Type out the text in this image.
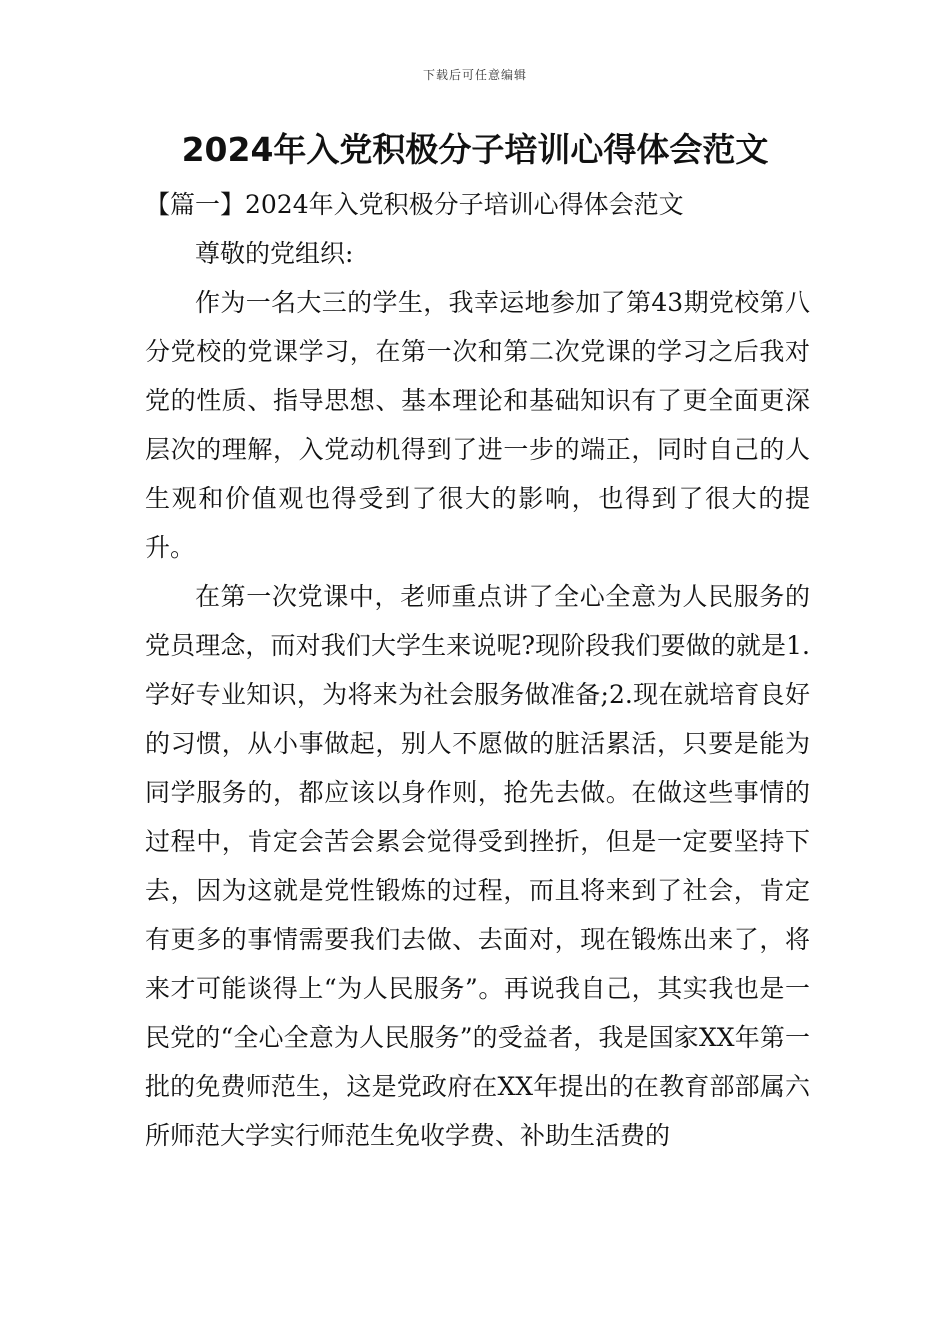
下载后可任意编辑
2024年入党积极分子培训心得体会范文

【篇一】2024年入党积极分子培训心得体会范文

尊敬的党组织:

作为一名大三的学生，我幸运地参加了第43期党校第八分党校的党课学习，在第一次和第二次党课的学习之后我对党的性质、指导思想、基本理论和基础知识有了更全面更深层次的理解，入党动机得到了进一步的端正，同时自己的人生观和价值观也得受到了很大的影响，也得到了很大的提升。

在第一次党课中，老师重点讲了全心全意为人民服务的党员理念，而对我们大学生来说呢?现阶段我们要做的就是1.学好专业知识，为将来为社会服务做准备;2.现在就培育良好的习惯，从小事做起，别人不愿做的脏活累活，只要是能为同学服务的，都应该以身作则，抢先去做。在做这些事情的过程中，肯定会苦会累会觉得受到挫折，但是一定要坚持下去，因为这就是党性锻炼的过程，而且将来到了社会，肯定有更多的事情需要我们去做、去面对，现在锻炼出来了，将来才可能谈得上“为人民服务”。再说我自己，其实我也是一民党的“全心全意为人民服务”的受益者，我是国家XX年第一批的免费师范生，这是党政府在XX年提出的在教育部部属六所师范大学实行师范生免收学费、补助生活费的
